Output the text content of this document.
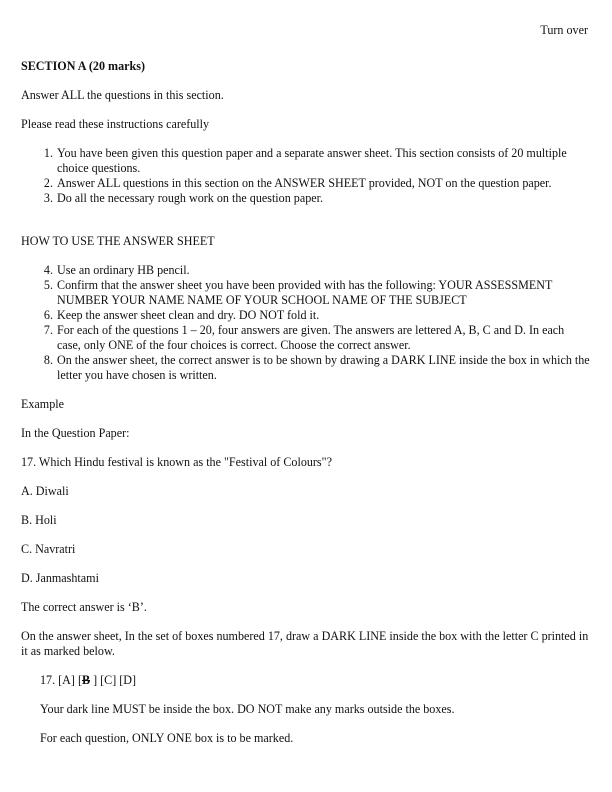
Turn over

SECTION A (20 marks)

Answer ALL the questions in this section.

Please read these instructions carefully

1. You have been given this question paper and a separate answer sheet. This section consists of 20 multiple choice questions.
2. Answer ALL questions in this section on the ANSWER SHEET provided, NOT on the question paper.
3. Do all the necessary rough work on the question paper.

HOW TO USE THE ANSWER SHEET

4. Use an ordinary HB pencil.
5. Confirm that the answer sheet you have been provided with has the following: YOUR ASSESSMENT NUMBER YOUR NAME NAME OF YOUR SCHOOL NAME OF THE SUBJECT
6. Keep the answer sheet clean and dry. DO NOT fold it.
7. For each of the questions 1 – 20, four answers are given. The answers are lettered A, B, C and D. In each case, only ONE of the four choices is correct. Choose the correct answer.
8. On the answer sheet, the correct answer is to be shown by drawing a DARK LINE inside the box in which the letter you have chosen is written.

Example

In the Question Paper:

17. Which Hindu festival is known as the "Festival of Colours"?

A. Diwali

B. Holi

C. Navratri

D. Janmashtami

The correct answer is ‘B’.

On the answer sheet, In the set of boxes numbered 17, draw a DARK LINE inside the box with the letter C printed in it as marked below.

17. [A] [B ] [C] [D]

Your dark line MUST be inside the box. DO NOT make any marks outside the boxes.

For each question, ONLY ONE box is to be marked.
